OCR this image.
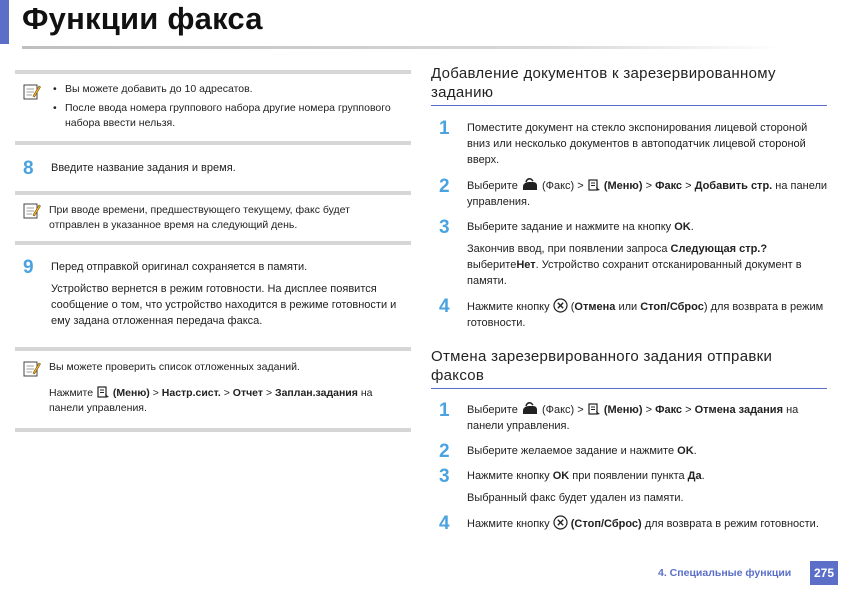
Функции факса
• Вы можете добавить до 10 адресатов.
• После ввода номера группового набора другие номера группового набора ввести нельзя.
8 Введите название задания и время.

При вводе времени, предшествующего текущему, факс будет отправлен в указанное время на следующий день.

9 Перед отправкой оригинал сохраняется в памяти.

Устройство вернется в режим готовности. На дисплее появится сообщение о том, что устройство находится в режиме готовности и ему задана отложенная передача факса.

Вы можете проверить список отложенных заданий.

Нажмите (Меню) > Настр.сист. > Отчет > Заплан.задания на панели управления.

Добавление документов к зарезервированному заданию
1 Поместите документ на стекло экспонирования лицевой стороной вниз или несколько документов в автоподатчик лицевой стороной вверх.

2 Выберите (Факс) > (Меню) > Факс > Добавить стр. на панели управления.

3 Выберите задание и нажмите на кнопку OK.

Закончив ввод, при появлении запроса Следующая стр.? выберитеНет. Устройство сохранит отсканированный документ в памяти.

4 Нажмите кнопку (Отмена или Стоп/Сброс) для возврата в режим готовности.

Отмена зарезервированного задания отправки факсов
1 Выберите (Факс) > (Меню) > Факс > Отмена задания на панели управления.

2 Выберите желаемое задание и нажмите OK.

3 Нажмите кнопку OK при появлении пункта Да.

Выбранный факс будет удален из памяти.

4 Нажмите кнопку (Стоп/Сброс) для возврата в режим готовности.

4. Специальные функции	275
